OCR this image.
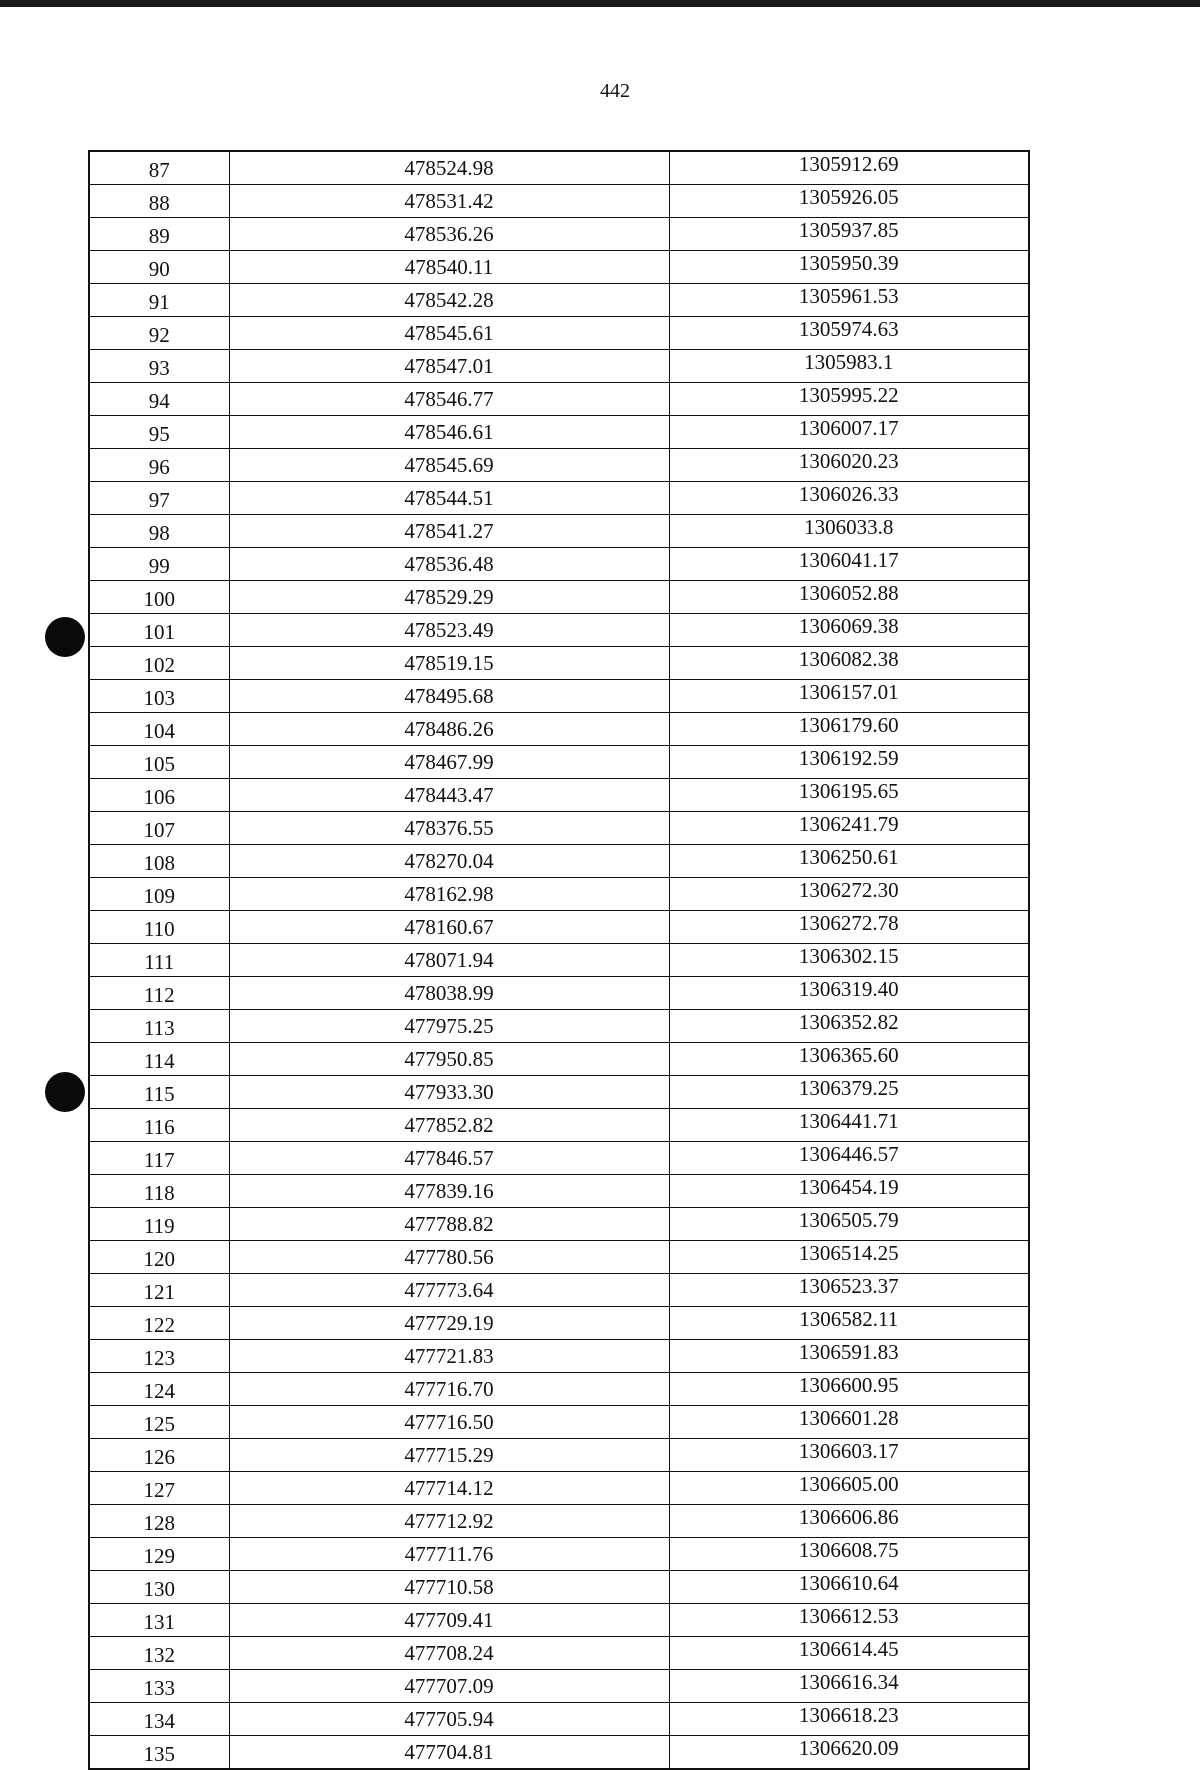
442
87	478524.98	1305912.69
88	478531.42	1305926.05
89	478536.26	1305937.85
90	478540.11	1305950.39
91	478542.28	1305961.53
92	478545.61	1305974.63
93	478547.01	1305983.1
94	478546.77	1305995.22
95	478546.61	1306007.17
96	478545.69	1306020.23
97	478544.51	1306026.33
98	478541.27	1306033.8
99	478536.48	1306041.17
100	478529.29	1306052.88
101	478523.49	1306069.38
102	478519.15	1306082.38
103	478495.68	1306157.01
104	478486.26	1306179.60
105	478467.99	1306192.59
106	478443.47	1306195.65
107	478376.55	1306241.79
108	478270.04	1306250.61
109	478162.98	1306272.30
110	478160.67	1306272.78
111	478071.94	1306302.15
112	478038.99	1306319.40
113	477975.25	1306352.82
114	477950.85	1306365.60
115	477933.30	1306379.25
116	477852.82	1306441.71
117	477846.57	1306446.57
118	477839.16	1306454.19
119	477788.82	1306505.79
120	477780.56	1306514.25
121	477773.64	1306523.37
122	477729.19	1306582.11
123	477721.83	1306591.83
124	477716.70	1306600.95
125	477716.50	1306601.28
126	477715.29	1306603.17
127	477714.12	1306605.00
128	477712.92	1306606.86
129	477711.76	1306608.75
130	477710.58	1306610.64
131	477709.41	1306612.53
132	477708.24	1306614.45
133	477707.09	1306616.34
134	477705.94	1306618.23
135	477704.81	1306620.09
